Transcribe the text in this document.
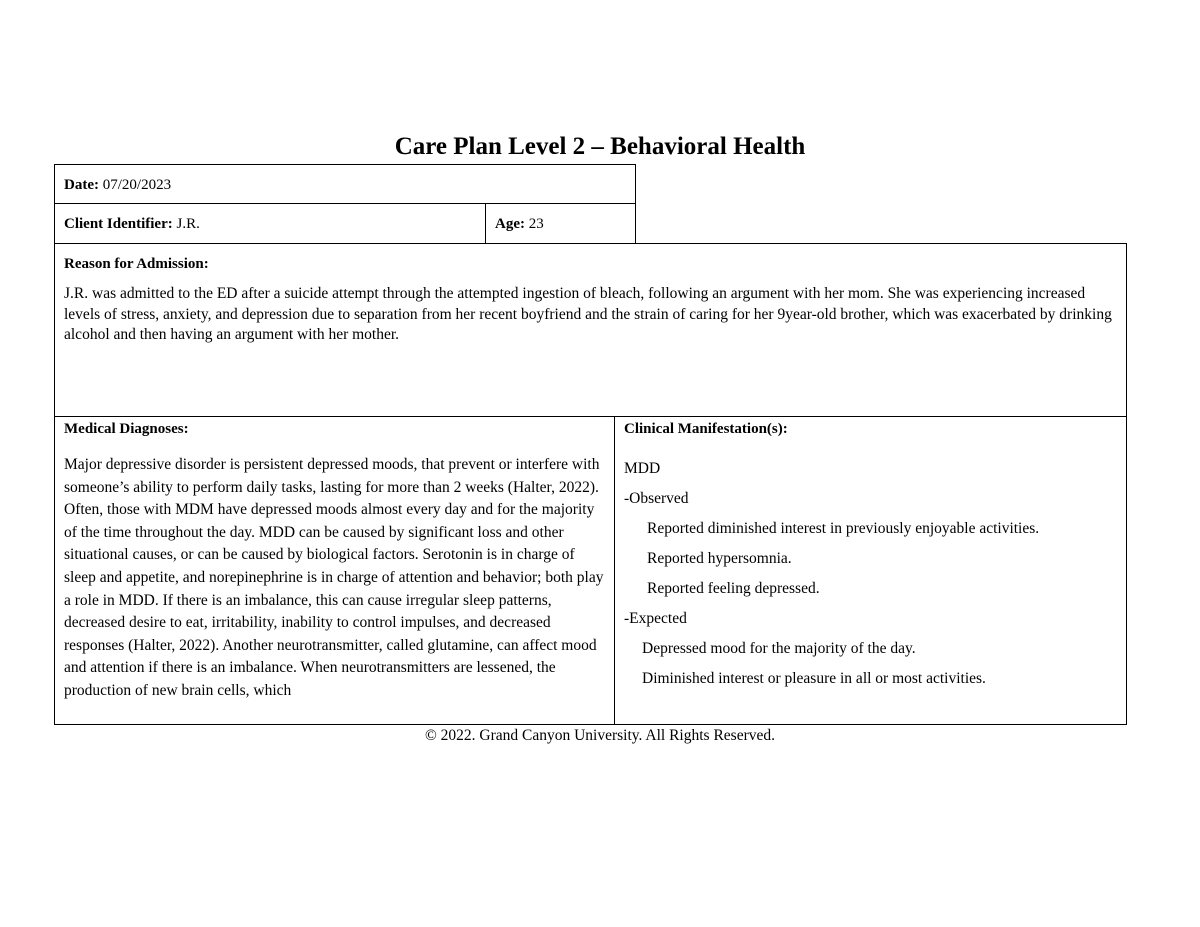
Care Plan Level 2 – Behavioral Health
Date: 07/20/2023
Client Identifier: J.R.	Age: 23
Reason for Admission:
J.R. was admitted to the ED after a suicide attempt through the attempted ingestion of bleach, following an argument with her mom. She was experiencing increased levels of stress, anxiety, and depression due to separation from her recent boyfriend and the strain of caring for her 9year-old brother, which was exacerbated by drinking alcohol and then having an argument with her mother.
Medical Diagnoses:
Major depressive disorder is persistent depressed moods, that prevent or interfere with someone’s ability to perform daily tasks, lasting for more than 2 weeks (Halter, 2022). Often, those with MDM have depressed moods almost every day and for the majority of the time throughout the day. MDD can be caused by significant loss and other situational causes, or can be caused by biological factors. Serotonin is in charge of sleep and appetite, and norepinephrine is in charge of attention and behavior; both play a role in MDD. If there is an imbalance, this can cause irregular sleep patterns, decreased desire to eat, irritability, inability to control impulses, and decreased responses (Halter, 2022). Another neurotransmitter, called glutamine, can affect mood and attention if there is an imbalance. When neurotransmitters are lessened, the production of new brain cells, which
Clinical Manifestation(s):
MDD
-Observed
Reported diminished interest in previously enjoyable activities.
Reported hypersomnia.
Reported feeling depressed.
-Expected
Depressed mood for the majority of the day.
Diminished interest or pleasure in all or most activities.
© 2022. Grand Canyon University. All Rights Reserved.
